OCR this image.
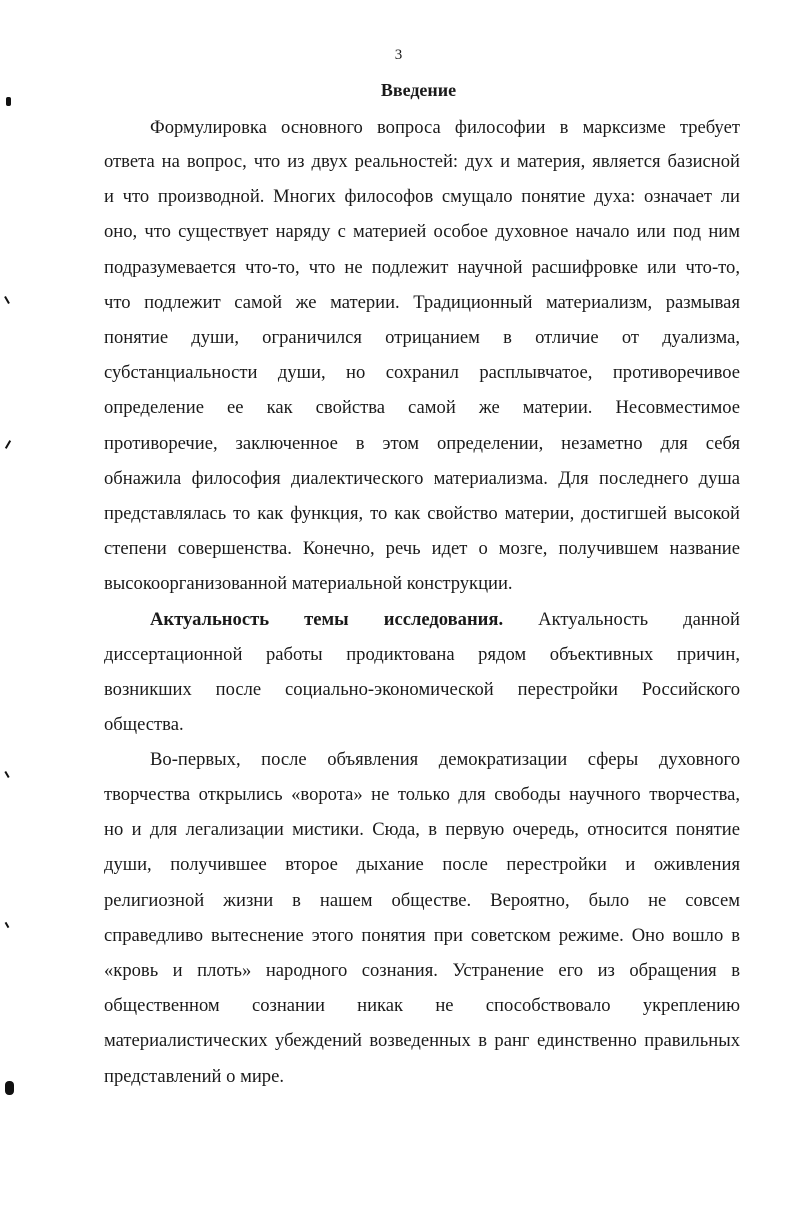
3
Введение
Формулировка основного вопроса философии в марксизме требует
ответа на вопрос, что из двух реальностей: дух и материя, является базисной
и что производной. Многих философов смущало понятие духа: означает ли
оно, что существует наряду с материей особое духовное начало или под ним
подразумевается что-то, что не подлежит научной расшифровке или что-то,
что подлежит самой же материи. Традиционный материализм, размывая
понятие души, ограничился отрицанием в отличие от дуализма,
субстанциальности души, но сохранил расплывчатое, противоречивое
определение ее как свойства самой же материи. Несовместимое
противоречие, заключенное в этом определении, незаметно для себя
обнажила философия диалектического материализма. Для последнего душа
представлялась то как функция, то как свойство материи, достигшей высокой
степени совершенства. Конечно, речь идет о мозге, получившем название
высокоорганизованной материальной конструкции.
Актуальность темы исследования. Актуальность данной
диссертационной работы продиктована рядом объективных причин,
возникших после социально-экономической перестройки Российского
общества.
Во-первых, после объявления демократизации сферы духовного
творчества открылись «ворота» не только для свободы научного творчества,
но и для легализации мистики. Сюда, в первую очередь, относится понятие
души, получившее второе дыхание после перестройки и оживления
религиозной жизни в нашем обществе. Вероятно, было не совсем
справедливо вытеснение этого понятия при советском режиме. Оно вошло в
«кровь и плоть» народного сознания. Устранение его из обращения в
общественном сознании никак не способствовало укреплению
материалистических убеждений возведенных в ранг единственно правильных
представлений о мире.
